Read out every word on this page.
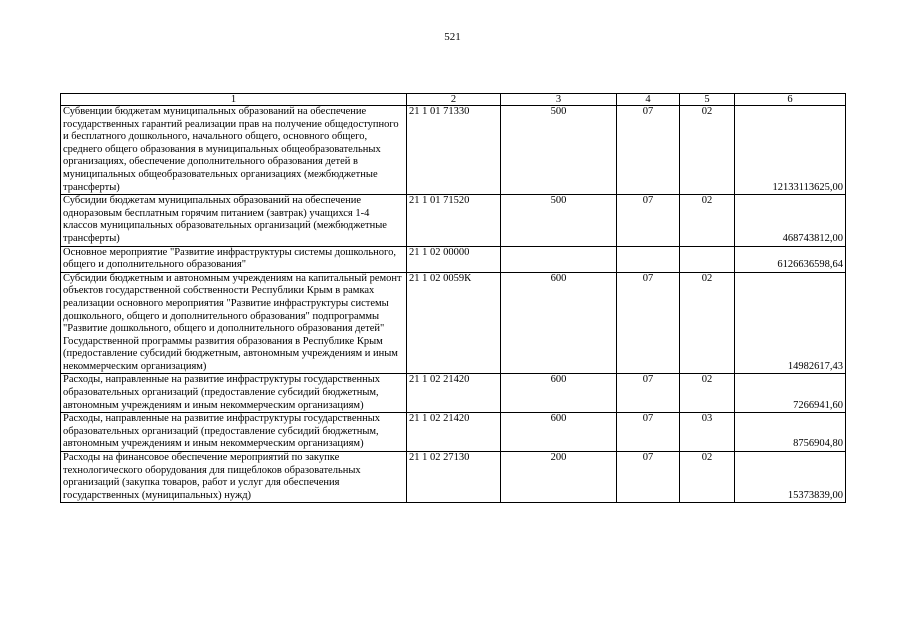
521
1	2	3	4	5	6
Субвенции бюджетам муниципальных образований на обеспечение государственных гарантий реализации прав на получение общедоступного и бесплатного дошкольного, начального общего, основного общего, среднего общего образования в муниципальных общеобразовательных организациях, обеспечение дополнительного образования детей в муниципальных общеобразовательных организациях (межбюджетные трансферты)	21 1 01 71330	500	07	02	12133113625,00

Субсидии бюджетам муниципальных образований на обеспечение одноразовым бесплатным горячим питанием (завтрак) учащихся 1-4 классов муниципальных образовательных организаций (межбюджетные трансферты)	21 1 01 71520	500	07	02	468743812,00

Основное мероприятие "Развитие инфраструктуры системы дошкольного, общего и дополнительного образования"	21 1 02 00000				6126636598,64

Субсидии бюджетным и автономным учреждениям на капитальный ремонт объектов государственной собственности Республики Крым в рамках реализации основного мероприятия "Развитие инфраструктуры системы дошкольного, общего и дополнительного образования" подпрограммы "Развитие дошкольного, общего и дополнительного образования детей" Государственной программы развития образования в Республике Крым (предоставление субсидий бюджетным, автономным учреждениям и иным некоммерческим организациям)	21 1 02 0059К	600	07	02	14982617,43

Расходы, направленные на развитие инфраструктуры государственных образовательных организаций (предоставление субсидий бюджетным, автономным учреждениям и иным некоммерческим организациям)	21 1 02 21420	600	07	02	7266941,60

Расходы, направленные на развитие инфраструктуры государственных образовательных организаций (предоставление субсидий бюджетным, автономным учреждениям и иным некоммерческим организациям)	21 1 02 21420	600	07	03	8756904,80

Расходы на финансовое обеспечение мероприятий по закупке технологического оборудования для пищеблоков образовательных организаций (закупка товаров, работ и услуг для обеспечения государственных (муниципальных) нужд)	21 1 02 27130	200	07	02	15373839,00
